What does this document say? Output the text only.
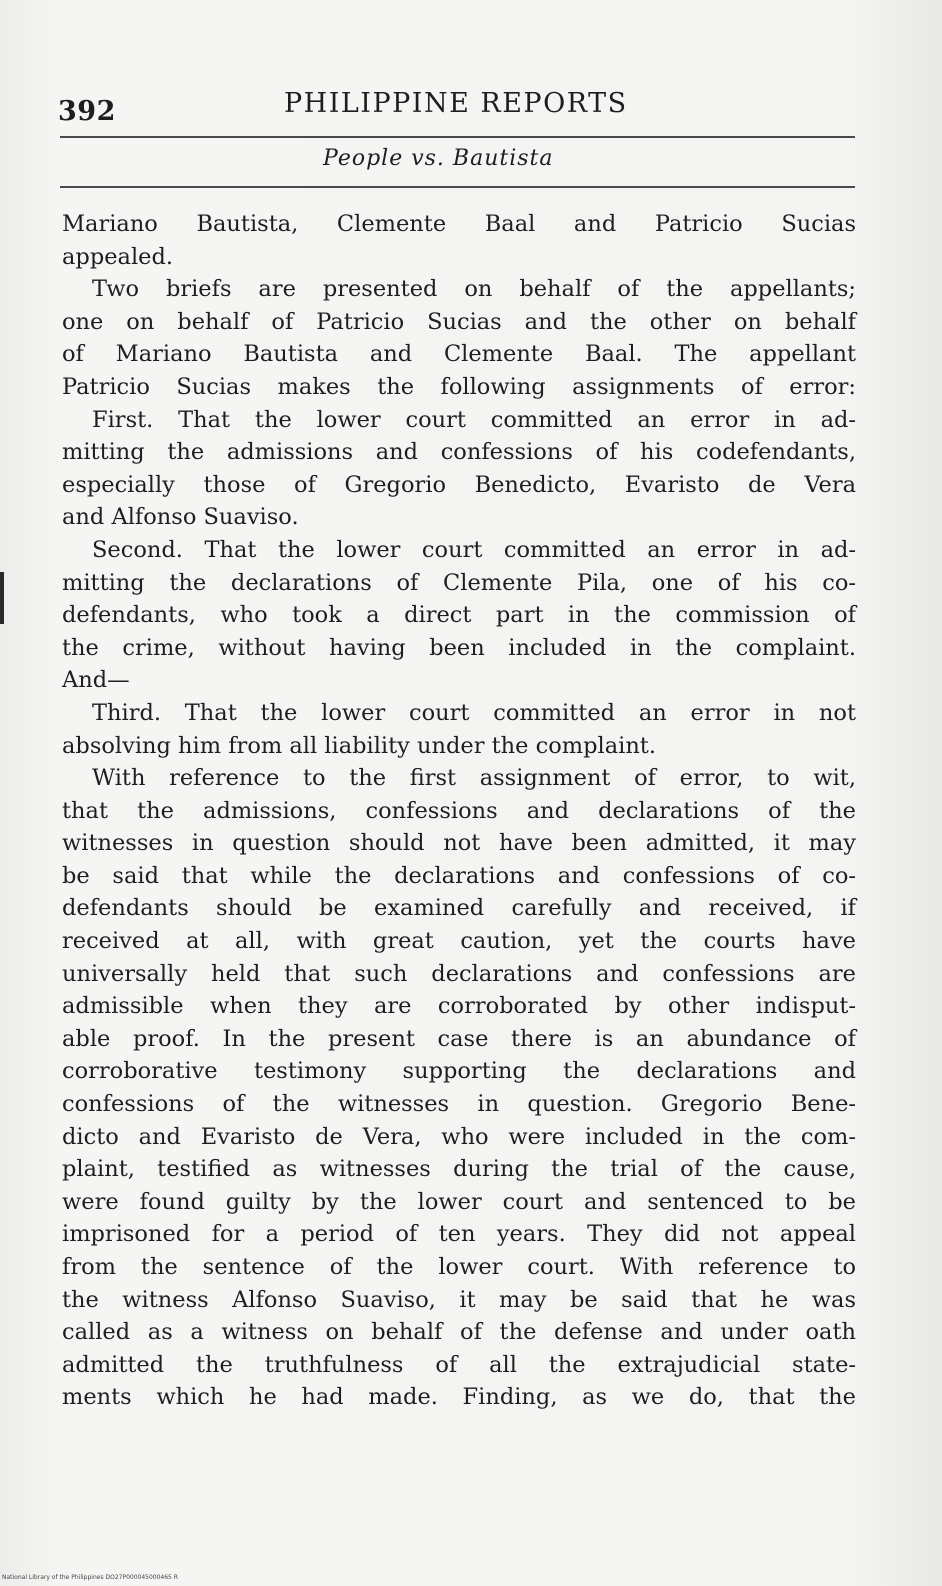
392	PHILIPPINE REPORTS
People vs. Bautista
Mariano Bautista, Clemente Baal and Patricio Sucias
appealed.
Two briefs are presented on behalf of the appellants;
one on behalf of Patricio Sucias and the other on behalf
of Mariano Bautista and Clemente Baal. The appellant
Patricio Sucias makes the following assignments of error:
First. That the lower court committed an error in ad-
mitting the admissions and confessions of his codefendants,
especially those of Gregorio Benedicto, Evaristo de Vera
and Alfonso Suaviso.
Second. That the lower court committed an error in ad-
mitting the declarations of Clemente Pila, one of his co-
defendants, who took a direct part in the commission of
the crime, without having been included in the complaint.
And—
Third. That the lower court committed an error in not
absolving him from all liability under the complaint.
With reference to the first assignment of error, to wit,
that the admissions, confessions and declarations of the
witnesses in question should not have been admitted, it may
be said that while the declarations and confessions of co-
defendants should be examined carefully and received, if
received at all, with great caution, yet the courts have
universally held that such declarations and confessions are
admissible when they are corroborated by other indisput-
able proof. In the present case there is an abundance of
corroborative testimony supporting the declarations and
confessions of the witnesses in question. Gregorio Bene-
dicto and Evaristo de Vera, who were included in the com-
plaint, testified as witnesses during the trial of the cause,
were found guilty by the lower court and sentenced to be
imprisoned for a period of ten years. They did not appeal
from the sentence of the lower court. With reference to
the witness Alfonso Suaviso, it may be said that he was
called as a witness on behalf of the defense and under oath
admitted the truthfulness of all the extrajudicial state-
ments which he had made. Finding, as we do, that the
National Library of the Philippines DO27P000045000465 R
